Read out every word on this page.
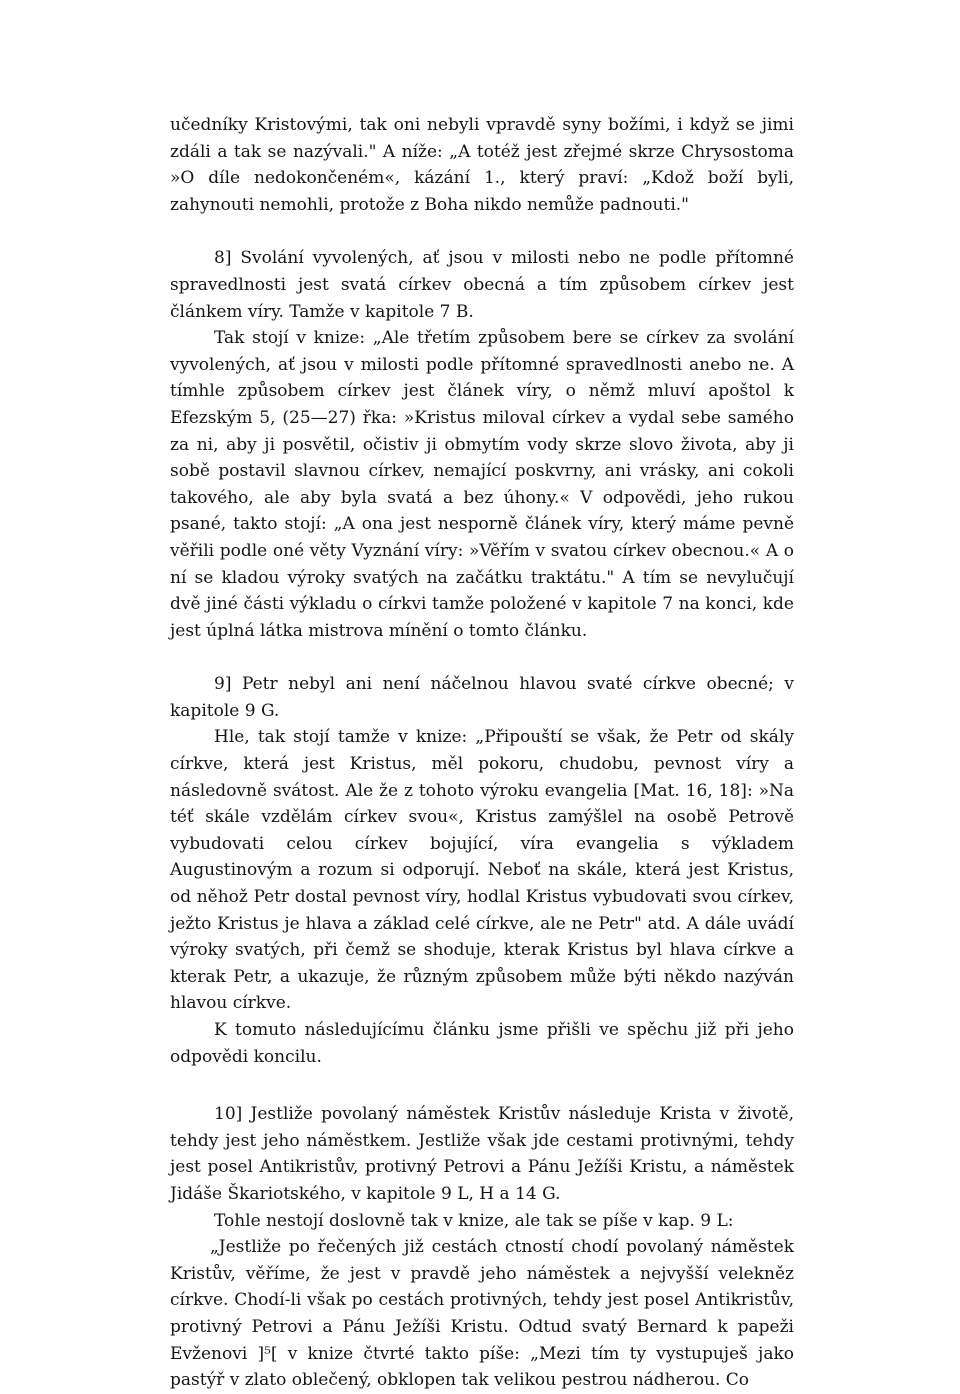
učedníky Kristovými, tak oni nebyli vpravdě syny božími, i když se jimi zdáli a tak se nazývali." A níže: „A totéž jest zřejmé skrze Chrysostoma »O díle nedokončeném«, kázání 1., který praví: „Kdož boží byli, zahynouti nemohli, protože z Boha nikdo nemůže padnouti."

8] Svolání vyvolených, ať jsou v milosti nebo ne podle přítomné spravedlnosti jest svatá církev obecná a tím způsobem církev jest článkem víry. Tamže v kapitole 7 B.

Tak stojí v knize: „Ale třetím způsobem bere se církev za svolání vyvolených, ať jsou v milosti podle přítomné spravedlnosti anebo ne. A tímhle způsobem církev jest článek víry, o němž mluví apoštol k Efezským 5, (25—27) řka: »Kristus miloval církev a vydal sebe samého za ni, aby ji posvětil, očistiv ji obmytím vody skrze slovo života, aby ji sobě postavil slavnou církev, nemající poskvrny, ani vrásky, ani cokoli takového, ale aby byla svatá a bez úhony.« V odpovědi, jeho rukou psané, takto stojí: „A ona jest nesporně článek víry, který máme pevně věřili podle oné věty Vyznání víry: »Věřím v svatou církev obecnou.« A o ní se kladou výroky svatých na začátku traktátu." A tím se nevylučují dvě jiné části výkladu o církvi tamže položené v kapitole 7 na konci, kde jest úplná látka mistrova mínění o tomto článku.

9] Petr nebyl ani není náčelnou hlavou svaté církve obecné; v kapitole 9 G.

Hle, tak stojí tamže v knize: „Připouští se však, že Petr od skály církve, která jest Kristus, měl pokoru, chudobu, pevnost víry a následovně svátost. Ale že z tohoto výroku evangelia [Mat. 16, 18]: »Na téť skále vzdělám církev svou«, Kristus zamýšlel na osobě Petrově vybudovati celou církev bojující, víra evangelia s výkladem Augustinovým a rozum si odporují. Neboť na skále, která jest Kristus, od něhož Petr dostal pevnost víry, hodlal Kristus vybudovati svou církev, ježto Kristus je hlava a základ celé církve, ale ne Petr" atd. A dále uvádí výroky svatých, při čemž se shoduje, kterak Kristus byl hlava církve a kterak Petr, a ukazuje, že různým způsobem může býti někdo nazýván hlavou církve.

K tomuto následujícímu článku jsme přišli ve spěchu již při jeho odpovědi koncilu.

10] Jestliže povolaný náměstek Kristův následuje Krista v životě, tehdy jest jeho náměstkem. Jestliže však jde cestami protivnými, tehdy jest posel Antikristův, protivný Petrovi a Pánu Ježíši Kristu, a náměstek Jidáše Škariotského, v kapitole 9 L, H a 14 G.

Tohle nestojí doslovně tak v knize, ale tak se píše v kap. 9 L:

„Jestliže po řečených již cestách ctností chodí povolaný náměstek Kristův, věříme, že jest v pravdě jeho náměstek a nejvyšší velekněz církve. Chodí-li však po cestách protivných, tehdy jest posel Antikristův, protivný Petrovi a Pánu Ježíši Kristu. Odtud svatý Bernard k papeži Evženovi ]⁵[ v knize čtvrté takto píše: „Mezi tím ty vystupuješ jako pastýř v zlato oblečený, obklopen tak velikou pestrou nádherou. Co
